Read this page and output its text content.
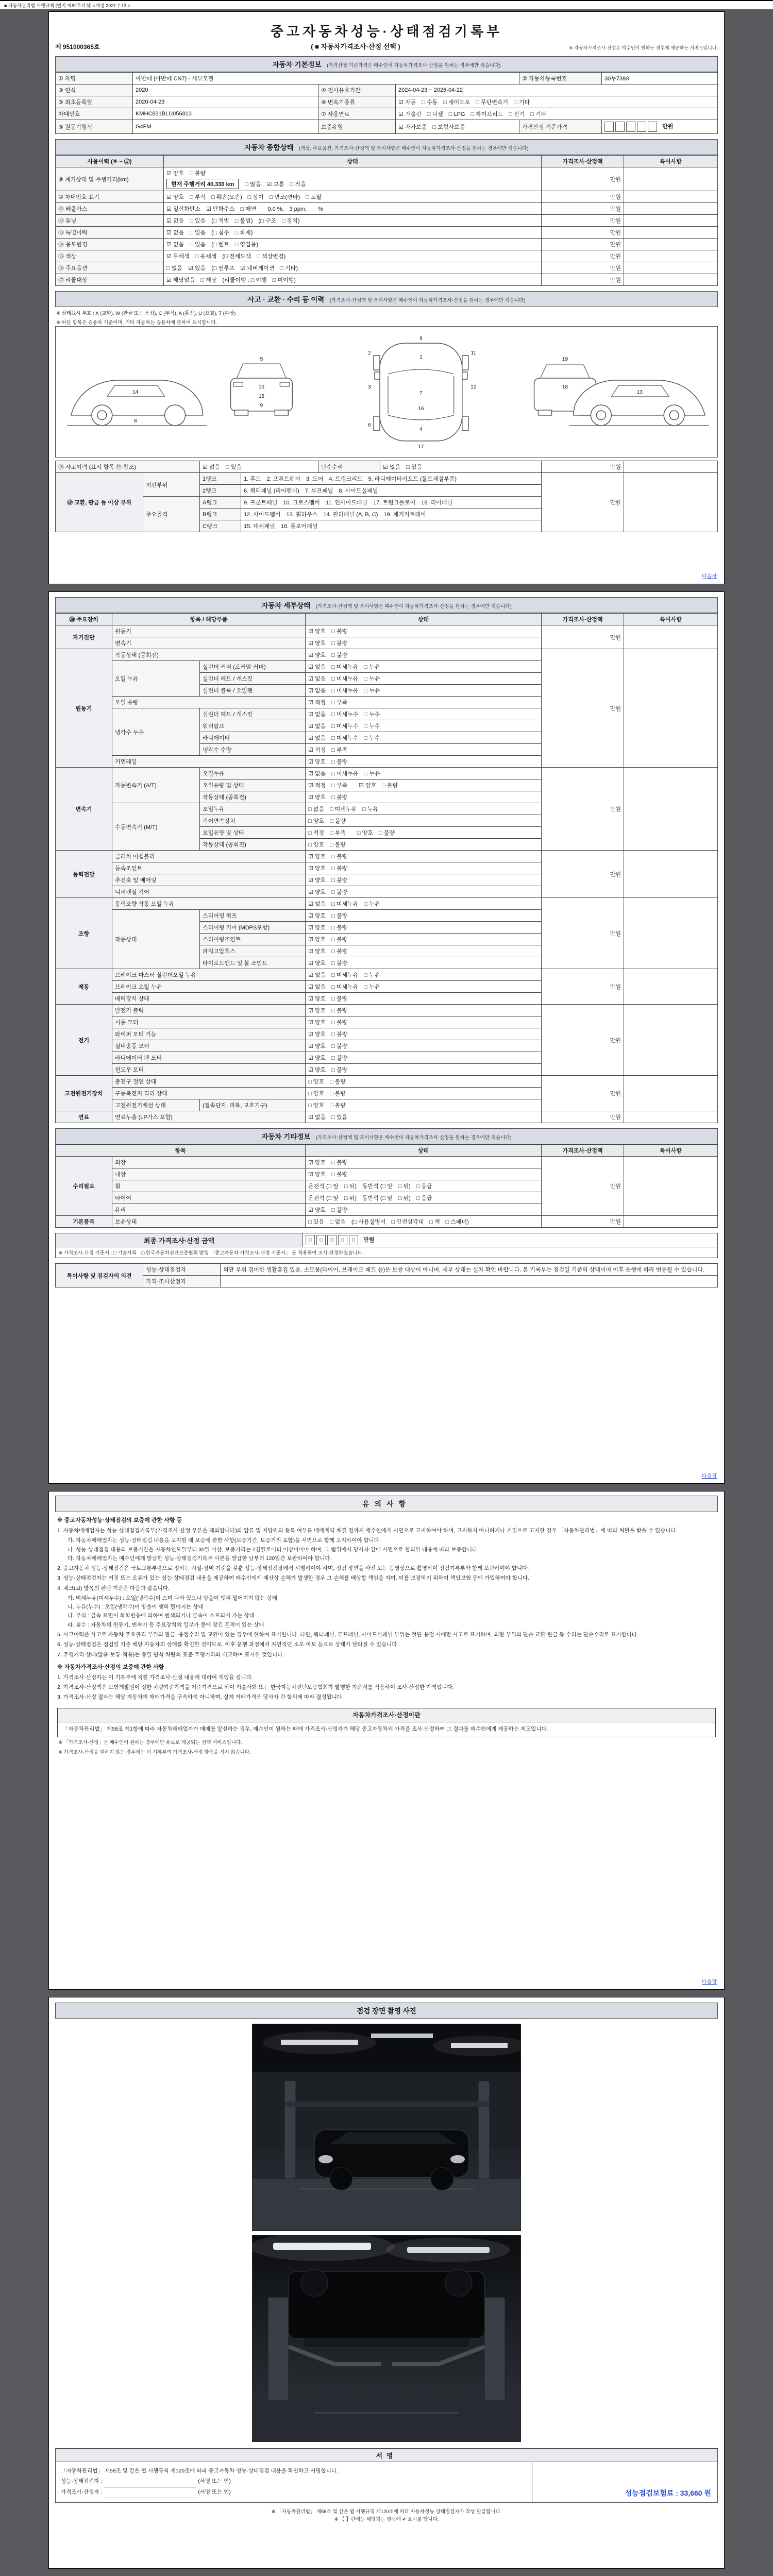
■ 자동차관리법 시행규칙 [별지 제82호서식] <개정 2021.7.13.>
중고자동차성능·상태점검기록부
제 951000365호	( ■ 자동차가격조사·산정 선택 )	※ 자동차가격조사·산정은 매수인이 원하는 경우에 제공하는 서비스입니다.
자동차 기본정보 (가격산정 기준가격은 매수인이 자동차가격조사·산정을 원하는 경우에만 적습니다)
① 차명	아반떼 (아반떼 CN7) - 세부모델			② 자동차등록번호	30누7393
③ 연식	2020	④ 검사유효기간	2024-04-23 ~ 2026-04-22		
⑤ 최초등록일	2020-04-23	⑥ 변속기종류	☑ 자동　□ 수동　□ 세미오토　□ 무단변속기　□ 기타		
차대번호	KMHC831BLU056813	⑦ 사용연료	☑ 가솔린　□ 디젤　□ LPG　□ 하이브리드　□ 전기　□ 기타		
⑧ 원동기형식	G4FM	보증유형	☑ 자가보증　□ 보험사보증	가격산정 기준가격	만원
자동차 종합상태 (색상, 주요옵션, 가격조사·산정액 및 특이사항은 매수인이 자동차가격조사·산정을 원하는 경우에만 적습니다)
사용이력 (⑨ ~ ⑰)	상태	가격조사·산정액	특이사항
⑨ 계기상태 및 주행거리(km)	☑ 양호　□ 불량
현재 주행거리 40,330 km □ 많음　☑ 보통　□ 적음	만원	
⑩ 차대번호 표기	☑ 양호　□ 부식　□ 훼손(오손)　□ 상이　□ 변조(변타)　□ 도말	만원	
⑪ 배출가스	☑ 일산화탄소　☑ 탄화수소　□ 매연　　0.0 %,　3 ppm,　　%	만원	
⑫ 튜닝	☑ 없음　□ 있음　(□ 적법　□ 불법)　(□ 구조　□ 장치)	만원	
⑬ 특별이력	☑ 없음　□ 있음　(□ 침수　□ 화재)	만원	
⑭ 용도변경	☑ 없음　□ 있음　(□ 렌트　□ 영업용)	만원	
⑮ 색상	☑ 무채색　□ 유채색　(□ 전체도색　□ 색상변경)	만원	
⑯ 주요옵션	□ 없음　☑ 있음　(□ 썬루프　☑ 네비게이션　□ 기타)	만원	
⑰ 리콜대상	☑ 해당없음　□ 해당　(리콜이행 : □ 이행　□ 미이행)	만원	
사고 · 교환 · 수리 등 이력 (가격조사·산정액 및 특이사항은 매수인이 자동차가격조사·산정을 원하는 경우에만 적습니다)
※ 상태표시 부호 : X (교환), W (판금 또는 용접), C (부식), A (흠집), U (요철), T (손상)
※ 하단 항목은 승용차 기준이며, 기타 자동차는 승용차에 준하여 표시합니다.
14
8
5
10
15
9
9
1
2	11
3	12
7
16
6
4
17
19
18
13
⑱ 사고이력 (표시 항목 ⑲ 참조)	☑ 없음　□ 있음	단순수리	☑ 없음　□ 있음	만원	
⑲ 교환, 판금 등 이상 부위	외판부위	1랭크	1. 후드　2. 프론트펜더　3. 도어　4. 트렁크리드　5. 라디에이터서포트 (볼트체결부품)	만원	
		2랭크	6. 쿼터패널 (리어펜더)　7. 루프패널　8. 사이드실패널		
	주요골격	A랭크	9. 프론트패널　10. 크로스멤버　11. 인사이드패널　17. 트렁크플로어　18. 리어패널		
		B랭크	12. 사이드멤버　13. 휠하우스　14. 필러패널 (A, B, C)　19. 패키지트레이		
		C랭크	15. 대쉬패널　16. 플로어패널		
다음장
자동차 세부상태 (가격조사·산정액 및 특이사항은 매수인이 자동차가격조사·산정을 원하는 경우에만 적습니다)
⑳ 주요장치	항목 / 해당부품		상태	가격조사·산정액	특이사항
자기진단	원동기		☑ 양호　□ 불량	만원	
	변속기		☑ 양호　□ 불량		
원동기	작동상태 (공회전)		☑ 양호　□ 불량	만원	
	오일 누유	실린더 커버 (로커암 커버)	☑ 없음　□ 미세누유　□ 누유		
		실린더 헤드 / 개스킷	☑ 없음　□ 미세누유　□ 누유		
		실린더 블록 / 오일팬	☑ 없음　□ 미세누유　□ 누유		
	오일 유량		☑ 적정　□ 부족		
	냉각수 누수	실린더 헤드 / 개스킷	☑ 없음　□ 미세누수　□ 누수		
		워터펌프	☑ 없음　□ 미세누수　□ 누수		
		라디에이터	☑ 없음　□ 미세누수　□ 누수		
		냉각수 수량	☑ 적정　□ 부족		
	커먼레일		☑ 양호　□ 불량		
변속기	자동변속기 (A/T)	오일누유	☑ 없음　□ 미세누유　□ 누유	만원	
		오일유량 및 상태	☑ 적정　□ 부족　　☑ 양호　□ 불량		
		작동상태 (공회전)	☑ 양호　□ 불량		
	수동변속기 (M/T)	오일누유	□ 없음　□ 미세누유　□ 누유		
		기어변속장치	□ 양호　□ 불량		
		오일유량 및 상태	□ 적정　□ 부족　　□ 양호　□ 불량		
		작동상태 (공회전)	□ 양호　□ 불량		
동력전달	클러치 어셈블리		☑ 양호　□ 불량	만원	
	등속조인트		☑ 양호　□ 불량		
	추진축 및 베어링		☑ 양호　□ 불량		
	디퍼렌셜 기어		☑ 양호　□ 불량		
조향	동력조향 작동 오일 누유		☑ 없음　□ 미세누유　□ 누유	만원	
	작동상태	스티어링 펌프	☑ 양호　□ 불량		
		스티어링 기어 (MDPS포함)	☑ 양호　□ 불량		
		스티어링조인트	☑ 양호　□ 불량		
		파워고압호스	☑ 양호　□ 불량		
		타이로드엔드 및 볼 조인트	☑ 양호　□ 불량		
제동	브레이크 마스터 실린더오일 누유		☑ 없음　□ 미세누유　□ 누유	만원	
	브레이크 오일 누유		☑ 없음　□ 미세누유　□ 누유		
	배력장치 상태		☑ 양호　□ 불량		
전기	발전기 출력		☑ 양호　□ 불량	만원	
	시동 모터		☑ 양호　□ 불량		
	와이퍼 모터 기능		☑ 양호　□ 불량		
	실내송풍 모터		☑ 양호　□ 불량		
	라디에이터 팬 모터		☑ 양호　□ 불량		
	윈도우 모터		☑ 양호　□ 불량		
고전원전기장치	충전구 절연 상태		□ 양호　□ 불량	만원	
	구동축전지 격리 상태		□ 양호　□ 불량		
	고전원전기배선 상태	(접속단자, 피복, 보호기구)	□ 양호　□ 불량		
연료	연료누출 (LP가스 포함)		☑ 없음　□ 있음	만원	
자동차 기타정보 (가격조사·산정액 및 특이사항은 매수인이 자동차가격조사·산정을 원하는 경우에만 적습니다)
항목		상태	가격조사·산정액	특이사항
수리필요	외장	☑ 양호　□ 불량	만원	
	내장	☑ 양호　□ 불량		
	휠	운전석 (□ 앞　□ 뒤)　동반석 (□ 앞　□ 뒤)　□ 응급		
	타이어	운전석 (□ 앞　□ 뒤)　동반석 (□ 앞　□ 뒤)　□ 응급		
	유리	☑ 양호　□ 불량		
기본품목	보유상태	□ 있음　□ 없음　(□ 사용설명서　□ 안전삼각대　□ 잭　□ 스패너)	만원	
최종 가격조사·산정 금액	0 0 0 0 0 만원
※ 가격조사·산정 기준서 : □ 기술사회　□ 한국자동차진단보증협회 발행 「중고자동차 가격조사·산정 기준서」 를 적용하여 조사·산정하였습니다.
특이사항 및 점검자의 의견	성능·상태점검자	외판 부위 경미한 생활흠집 있음. 소모품(타이어, 브레이크 패드 등)은 보증 대상이 아니며, 세부 상태는 실차 확인 바랍니다. 본 기록부는 점검일 기준의 상태이며 이후 운행에 따라 변동될 수 있습니다.
	가격·조사산정자	
다음장
유의사항
※ 중고자동차성능·상태점검의 보증에 관한 사항 등
1. 자동차매매업자는 성능·상태점검기록부(가격조사·산정 부분은 제외합니다)와 압류 및 저당권의 등록 여부를 매매계약 체결 전까지 매수인에게 서면으로 고지하여야 하며, 고지하지 아니하거나 거짓으로 고지한 경우 「자동차관리법」에 따라 처벌을 받을 수 있습니다.
가. 자동차매매업자는 성능·상태점검 내용을 고지할 때 보증에 관한 사항(보증기간, 보증거리 포함)을 서면으로 함께 고지하여야 합니다.
나. 성능·상태점검 내용의 보증기간은 자동차인도일부터 30일 이상, 보증거리는 2천킬로미터 이상이어야 하며, 그 범위에서 당사자 간에 서면으로 합의한 내용에 따라 보증합니다.
다. 자동차매매업자는 매수인에게 발급한 성능·상태점검기록부 사본을 발급한 날부터 120일간 보관하여야 합니다.
2. 중고자동차 성능·상태점검은 국토교통부령으로 정하는 시설·장비 기준을 갖춘 성능·상태점검장에서 시행하여야 하며, 점검 장면을 사진 또는 동영상으로 촬영하여 점검기록부와 함께 보관하여야 합니다.
3. 성능·상태점검자는 거짓 또는 오류가 있는 성능·상태점검 내용을 제공하여 매수인에게 재산상 손해가 발생한 경우 그 손해를 배상할 책임을 지며, 이를 보장하기 위하여 책임보험 등에 가입하여야 합니다.
4. 체크(☑) 항목의 판단 기준은 다음과 같습니다.
가. 미세누유(미세누수) : 오일(냉각수)이 스며 나와 있으나 방울이 맺혀 떨어지지 않는 상태
나. 누유(누수) : 오일(냉각수)이 방울이 맺혀 떨어지는 상태
다. 부식 : 금속 표면이 화학반응에 의하여 변색되거나 금속이 소모되어 가는 상태
라. 침수 : 자동차의 원동기, 변속기 등 주요장치의 일부가 물에 잠긴 흔적이 있는 상태
5. 사고이력은 사고로 자동차 주요골격 부위의 판금, 용접수리 및 교환이 있는 경우에 한하여 표기합니다. 다만, 쿼터패널, 루프패널, 사이드실패널 부위는 절단·용접 시에만 사고로 표기하며, 외판 부위의 단순 교환·판금 등 수리는 단순수리로 표기합니다.
6. 성능·상태점검은 점검일 기준 해당 자동차의 상태를 확인한 것이므로, 이후 운행 과정에서 자연적인 소모·마모 등으로 상태가 달라질 수 있습니다.
7. 주행거리 상태(많음·보통·적음)는 동일 연식 차량의 표준 주행거리와 비교하여 표시한 것입니다.
※ 자동차가격조사·산정의 보증에 관한 사항
1. 가격조사·산정자는 이 기록부에 적힌 가격조사·산정 내용에 대하여 책임을 집니다.
2. 가격조사·산정액은 보험개발원이 정한 차량기준가액을 기준가격으로 하여 기술사회 또는 한국자동차진단보증협회가 발행한 기준서를 적용하여 조사·산정한 가액입니다.
3. 가격조사·산정 결과는 해당 자동차의 매매가격을 구속하지 아니하며, 실제 거래가격은 당사자 간 합의에 따라 결정됩니다.
자동차가격조사·산정이란
「자동차관리법」 제58조 제1항에 따라 자동차매매업자가 매매를 알선하는 경우, 매수인이 원하는 때에 가격조사·산정자가 해당 중고자동차의 가격을 조사·산정하여 그 결과를 매수인에게 제공하는 제도입니다.
※ 「가격조사·산정」은 매수인이 원하는 경우에만 유료로 제공되는 선택 서비스입니다.
※ 가격조사·산정을 원하지 않는 경우에는 이 기록부의 가격조사·산정 항목을 적지 않습니다.
다음장
점검 장면 촬영 사진
서명

「자동차관리법」 제58조 및 같은 법 시행규칙 제120조에 따라 중고자동차 성능·상태점검 내용을 확인하고 서명합니다.
성능·상태점검자 :	(서명 또는 인)
가격조사·산정자 :	(서명 또는 인)	성능점검보험료 : 33,660 원
※ 「자동차관리법」 제58조 및 같은 법 시행규칙 제120조에 따라 자동차성능·상태점검자가 작성·발급합니다.
※ 【 】란에는 해당되는 항목에 ✔ 표시를 합니다.
